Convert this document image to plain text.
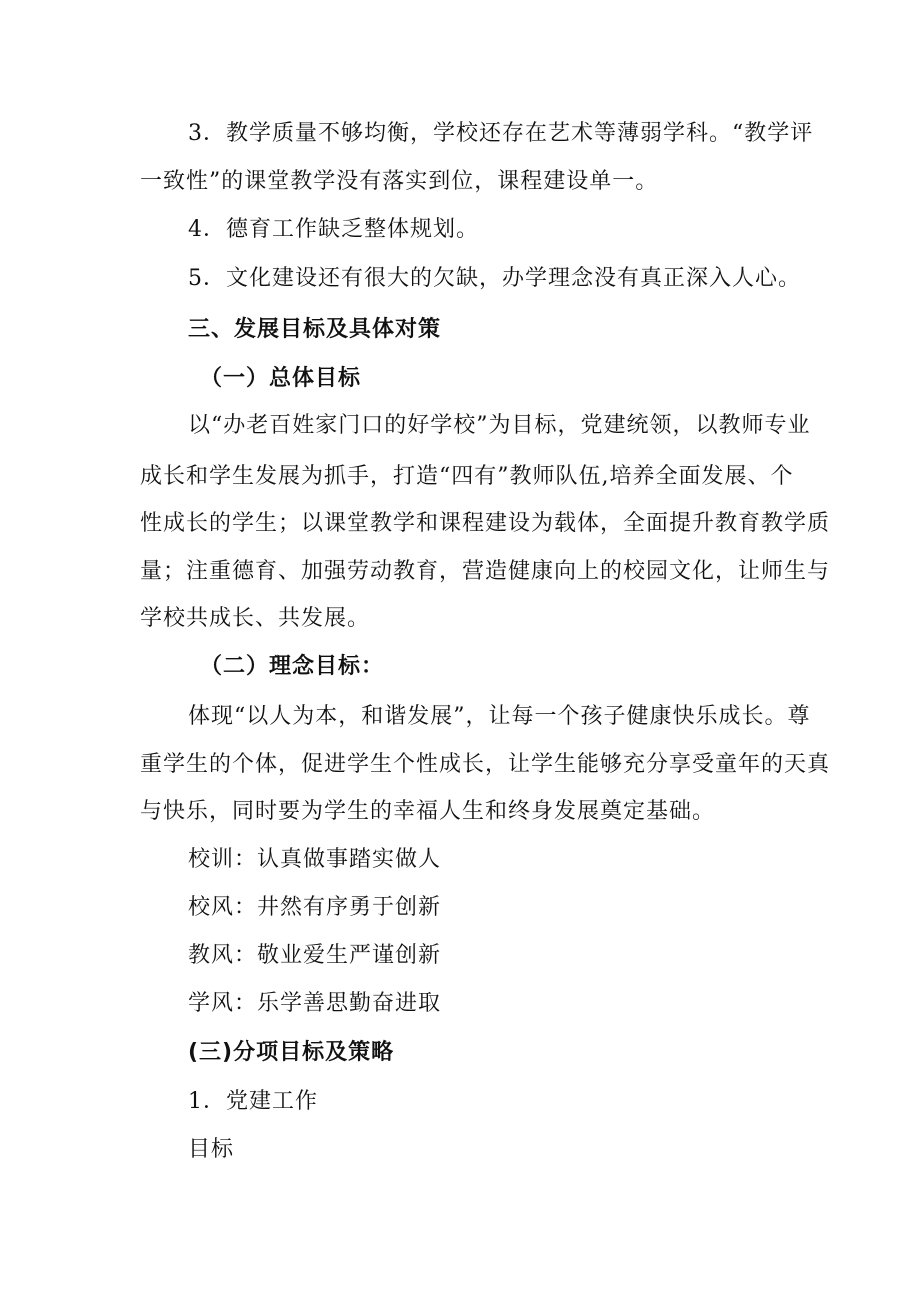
3．教学质量不够均衡，学校还存在艺术等薄弱学科。“教学评
一致性”的课堂教学没有落实到位，课程建设单一。
4．德育工作缺乏整体规划。
5．文化建设还有很大的欠缺，办学理念没有真正深入人心。
三、发展目标及具体对策
（一）总体目标
以“办老百姓家门口的好学校”为目标，党建统领，以教师专业
成长和学生发展为抓手，打造“四有”教师队伍,培养全面发展、个
性成长的学生；以课堂教学和课程建设为载体，全面提升教育教学质
量；注重德育、加强劳动教育，营造健康向上的校园文化，让师生与
学校共成长、共发展。
（二）理念目标：
体现“以人为本，和谐发展”，让每一个孩子健康快乐成长。尊
重学生的个体，促进学生个性成长，让学生能够充分享受童年的天真
与快乐，同时要为学生的幸福人生和终身发展奠定基础。
校训：认真做事踏实做人
校风：井然有序勇于创新
教风：敬业爱生严谨创新
学风：乐学善思勤奋进取
(三)分项目标及策略
1．党建工作
目标
